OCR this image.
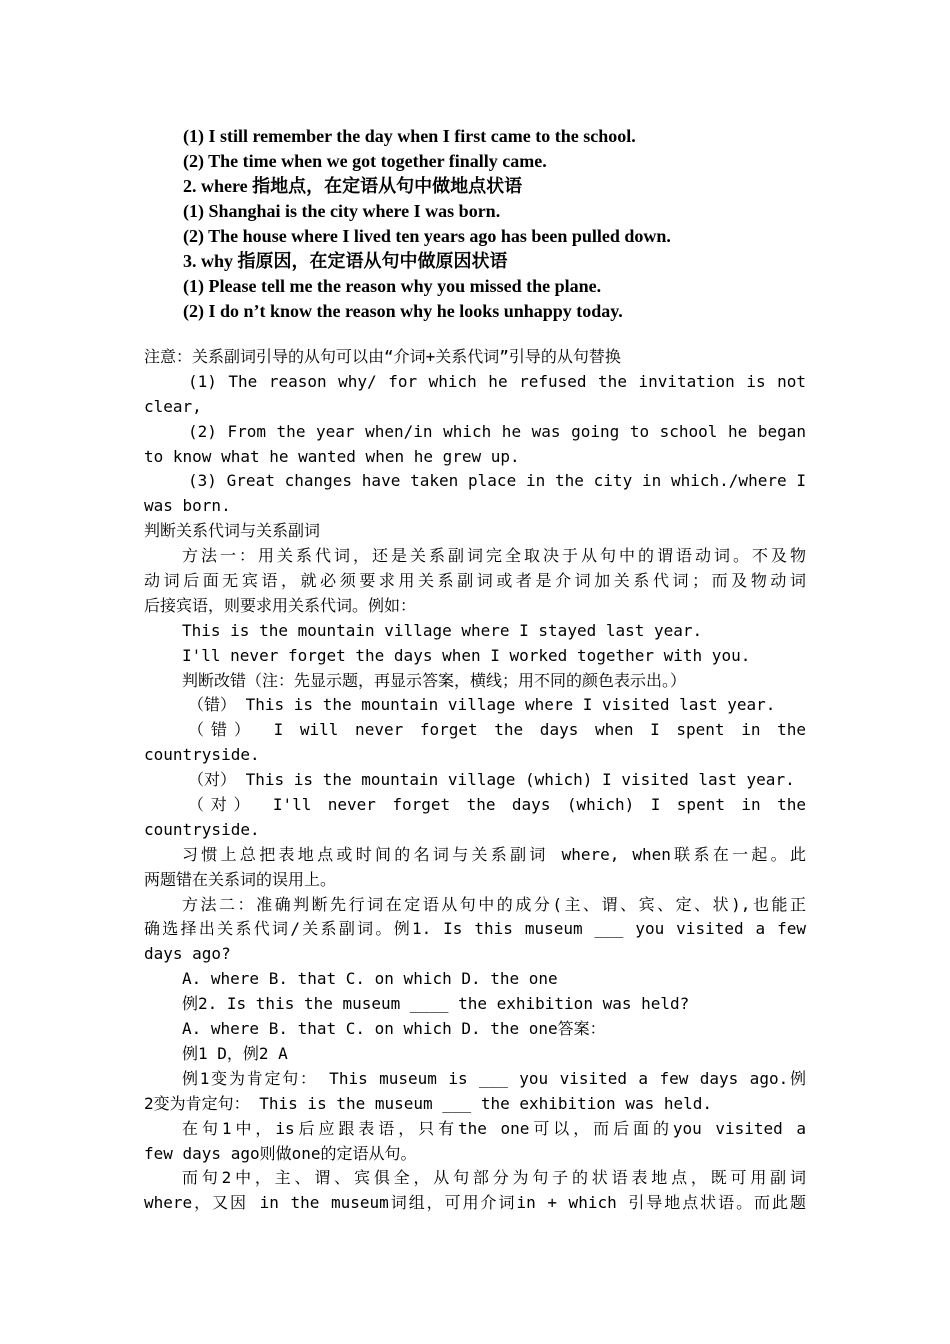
(1) I still remember the day when I first came to the school.
(2) The time when we got together finally came.
2. where 指地点，在定语从句中做地点状语
(1) Shanghai is the city where I was born.
(2) The house where I lived ten years ago has been pulled down.
3. why 指原因，在定语从句中做原因状语
(1) Please tell me the reason why you missed the plane.
(2) I do n’t know the reason why he looks unhappy today.
注意：关系副词引导的从句可以由“介词+关系代词”引导的从句替换
(1) The reason why/ for which he refused the invitation is not
clear,
(2) From the year when/in which he was going to school he began
to know what he wanted when he grew up.
(3) Great changes have taken place in the city in which./where I
was born.
判断关系代词与关系副词
方法一：用关系代词，还是关系副词完全取决于从句中的谓语动词。不及物
动词后面无宾语，就必须要求用关系副词或者是介词加关系代词；而及物动词
后接宾语，则要求用关系代词。例如：
This is the mountain village where I stayed last year.
I'll never forget the days when I worked together with you.
判断改错（注：先显示题，再显示答案，横线；用不同的颜色表示出。）
（错） This is the mountain village where I visited last year.
（错） I will never forget the days when I spent in the
countryside.
（对） This is the mountain village (which) I visited last year.
（对） I'll never forget the days (which) I spent in the
countryside.
习惯上总把表地点或时间的名词与关系副词 where, when联系在一起。此
两题错在关系词的误用上。
方法二：准确判断先行词在定语从句中的成分(主、谓、宾、定、状),也能正
确选择出关系代词/关系副词。例1. Is this museum ___ you visited a few
days ago?
A. where B. that C. on which D. the one
例2. Is this the museum ____ the exhibition was held?
A. where B. that C. on which D. the one答案：
例1 D，例2 A
例1变为肯定句： This museum is ___ you visited a few days ago.例
2变为肯定句： This is the museum ___ the exhibition was held.
在句1中，is后应跟表语，只有the one可以，而后面的you visited a
few days ago则做one的定语从句。
而句2中，主、谓、宾俱全，从句部分为句子的状语表地点，既可用副词
where，又因 in the museum词组，可用介词in + which 引导地点状语。而此题
